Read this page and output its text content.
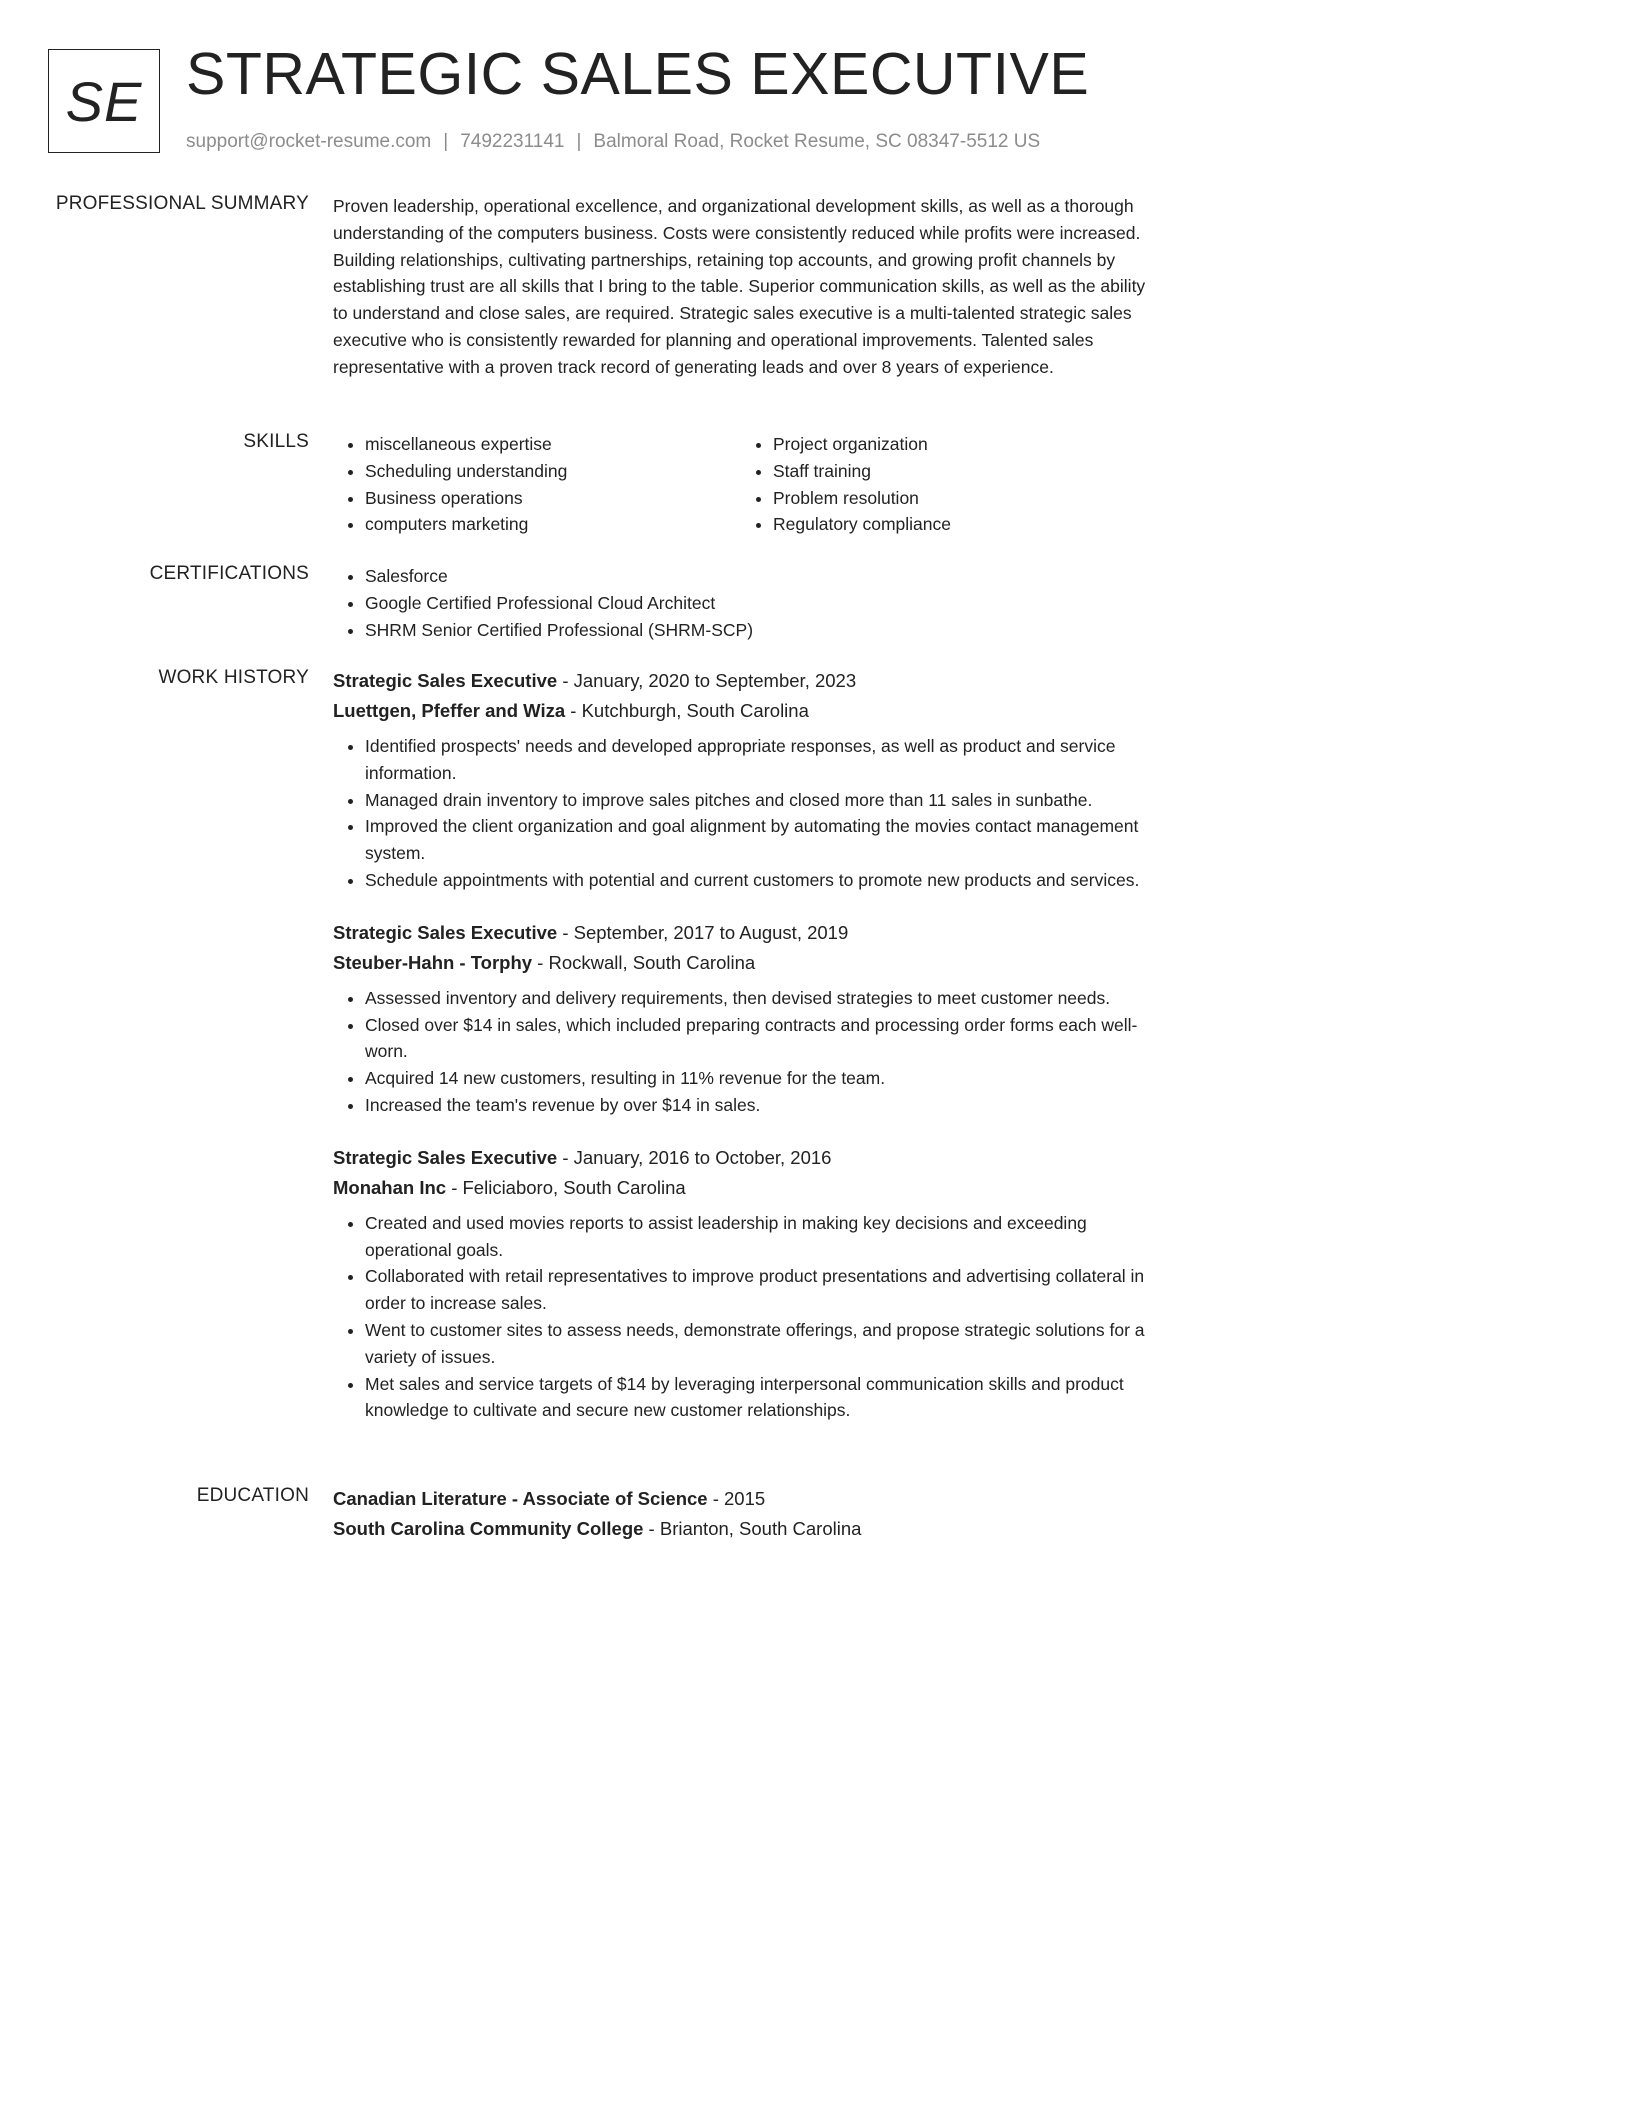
SE STRATEGIC SALES EXECUTIVE
support@rocket-resume.com | 7492231141 | Balmoral Road, Rocket Resume, SC 08347-5512 US
PROFESSIONAL SUMMARY Proven leadership, operational excellence, and organizational development skills, as well as a thorough understanding of the computers business. Costs were consistently reduced while profits were increased. Building relationships, cultivating partnerships, retaining top accounts, and growing profit channels by establishing trust are all skills that I bring to the table. Superior communication skills, as well as the ability to understand and close sales, are required. Strategic sales executive is a multi-talented strategic sales executive who is consistently rewarded for planning and operational improvements. Talented sales representative with a proven track record of generating leads and over 8 years of experience.

SKILLS	• miscellaneous expertise
• Scheduling understanding
• Business operations
• computers marketing
• Project organization
• Staff training
• Problem resolution
• Regulatory compliance
CERTIFICATIONS	• Salesforce
• Google Certified Professional Cloud Architect
• SHRM Senior Certified Professional (SHRM-SCP)
WORK HISTORY Strategic Sales Executive - January, 2020 to September, 2023
Luettgen, Pfeffer and Wiza - Kutchburgh, South Carolina
• Identified prospects' needs and developed appropriate responses, as well as product and service information.
• Managed drain inventory to improve sales pitches and closed more than 11 sales in sunbathe.
• Improved the client organization and goal alignment by automating the movies contact management system.
• Schedule appointments with potential and current customers to promote new products and services.
Strategic Sales Executive - September, 2017 to August, 2019
Steuber-Hahn - Torphy - Rockwall, South Carolina
• Assessed inventory and delivery requirements, then devised strategies to meet customer needs.
• Closed over $14 in sales, which included preparing contracts and processing order forms each well-worn.
• Acquired 14 new customers, resulting in 11% revenue for the team.
• Increased the team's revenue by over $14 in sales.
Strategic Sales Executive - January, 2016 to October, 2016
Monahan Inc - Feliciaboro, South Carolina
• Created and used movies reports to assist leadership in making key decisions and exceeding operational goals.
• Collaborated with retail representatives to improve product presentations and advertising collateral in order to increase sales.
• Went to customer sites to assess needs, demonstrate offerings, and propose strategic solutions for a variety of issues.
• Met sales and service targets of $14 by leveraging interpersonal communication skills and product knowledge to cultivate and secure new customer relationships.
EDUCATION Canadian Literature - Associate of Science - 2015
South Carolina Community College - Brianton, South Carolina
